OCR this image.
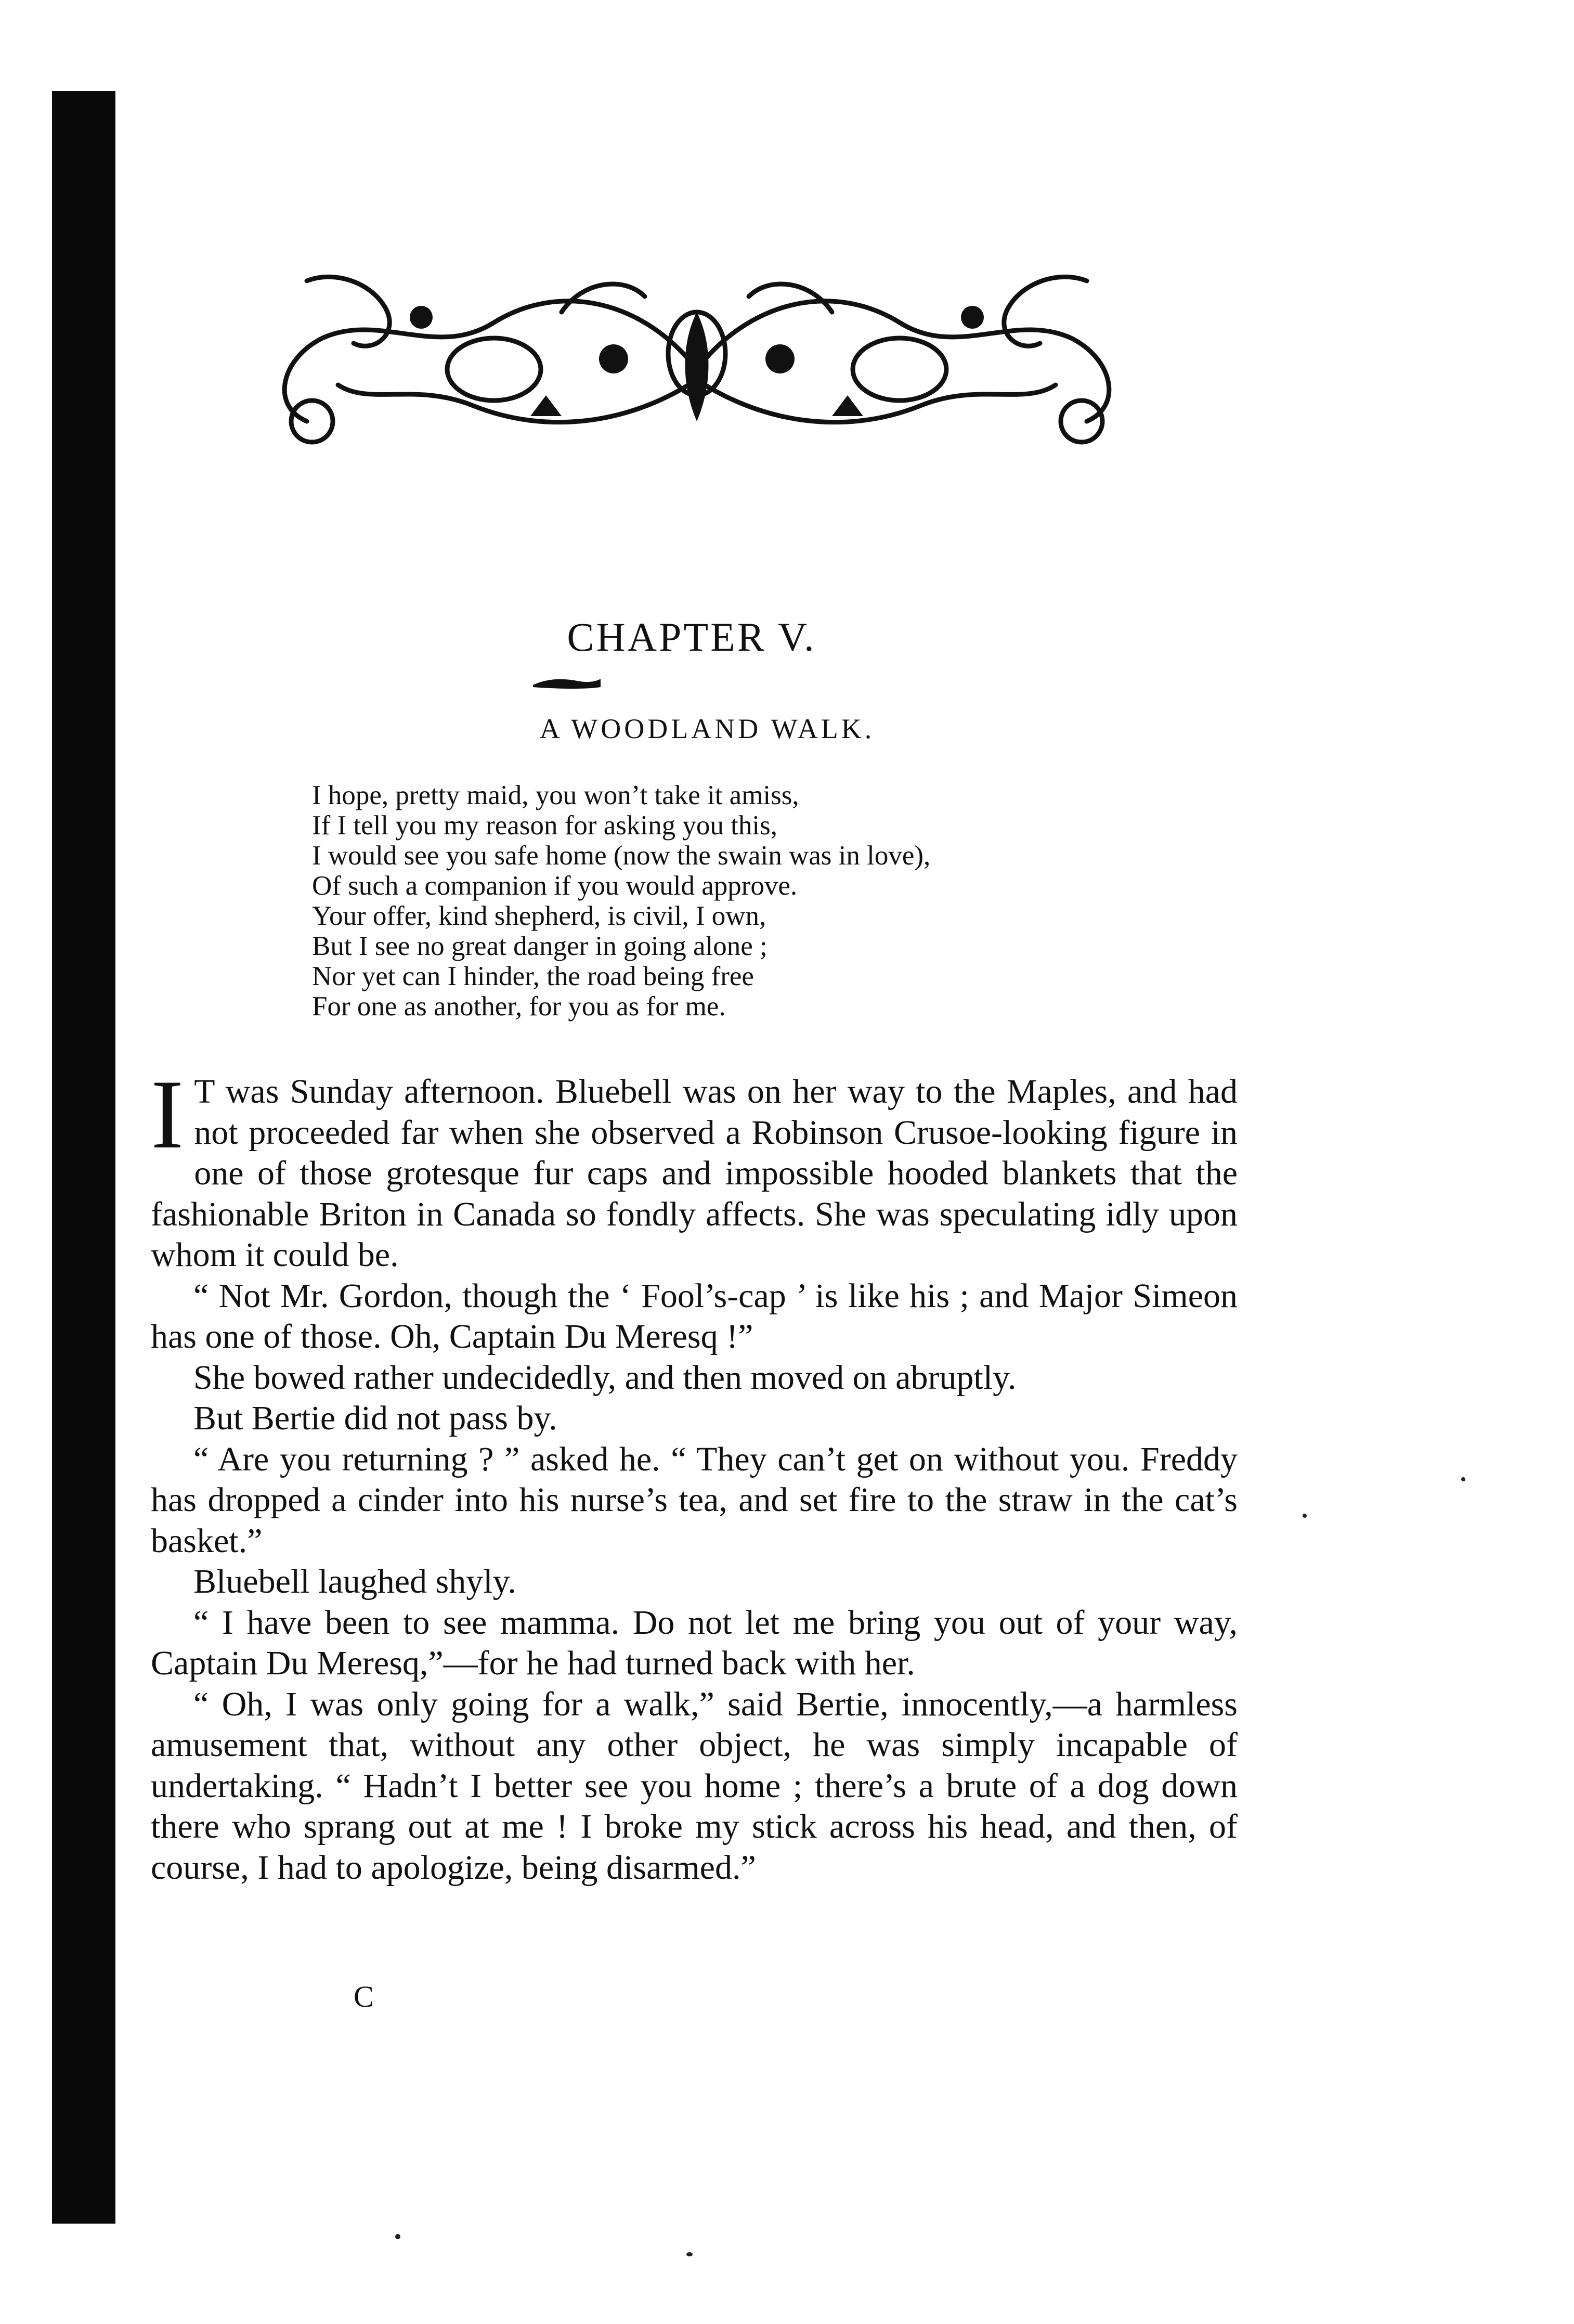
CHAPTER V.
A WOODLAND WALK.
I hope, pretty maid, you won’t take it amiss,
If I tell you my reason for asking you this,
I would see you safe home (now the swain was in love),
Of such a companion if you would approve.
Your offer, kind shepherd, is civil, I own,
But I see no great danger in going alone ;
Nor yet can I hinder, the road being free
For one as another, for you as for me.

I T was Sunday afternoon. Bluebell was on her way to the Maples, and had not proceeded far when she observed a Robinson Crusoe-looking figure in one of those grotesque fur caps and impossible hooded blankets that the fashionable Briton in Canada so fondly affects. She was speculating idly upon whom it could be.

“ Not Mr. Gordon, though the ‘ Fool’s-cap ’ is like his ; and Major Simeon has one of those. Oh, Captain Du Meresq !”

She bowed rather undecidedly, and then moved on abruptly.

But Bertie did not pass by.

“ Are you returning ? ” asked he. “ They can’t get on without you. Freddy has dropped a cinder into his nurse’s tea, and set fire to the straw in the cat’s basket.”

Bluebell laughed shyly.

“ I have been to see mamma. Do not let me bring you out of your way, Captain Du Meresq,”—for he had turned back with her.

“ Oh, I was only going for a walk,” said Bertie, innocently,—a harmless amusement that, without any other object, he was simply incapable of undertaking. “ Hadn’t I better see you home ; there’s a brute of a dog down there who sprang out at me ! I broke my stick across his head, and then, of course, I had to apologize, being disarmed.”

C
